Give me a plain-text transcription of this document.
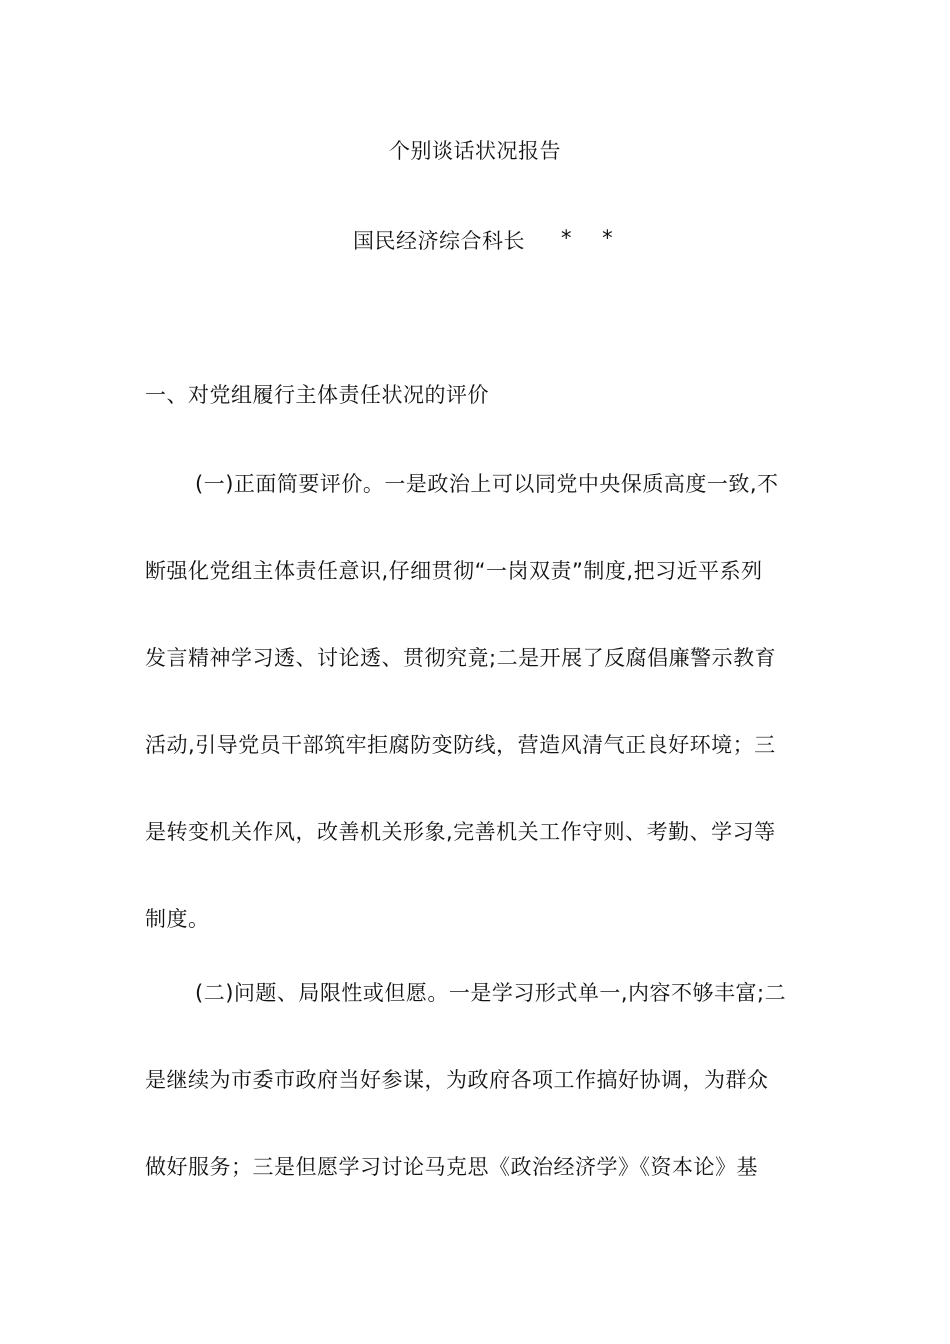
个别谈话状况报告
国民经济综合科长 * *
一、对党组履行主体责任状况的评价
(一)正面简要评价。一是政治上可以同党中央保质高度一致,不
断强化党组主体责任意识,仔细贯彻“一岗双责”制度,把习近平系列
发言精神学习透、讨论透、贯彻究竟;二是开展了反腐倡廉警示教育
活动,引导党员干部筑牢拒腐防变防线，营造风清气正良好环境；三
是转变机关作风，改善机关形象,完善机关工作守则、考勤、学习等
制度。
(二)问题、局限性或但愿。一是学习形式单一,内容不够丰富;二
是继续为市委市政府当好参谋，为政府各项工作搞好协调，为群众
做好服务；三是但愿学习讨论马克思《政治经济学》《资本论》基
